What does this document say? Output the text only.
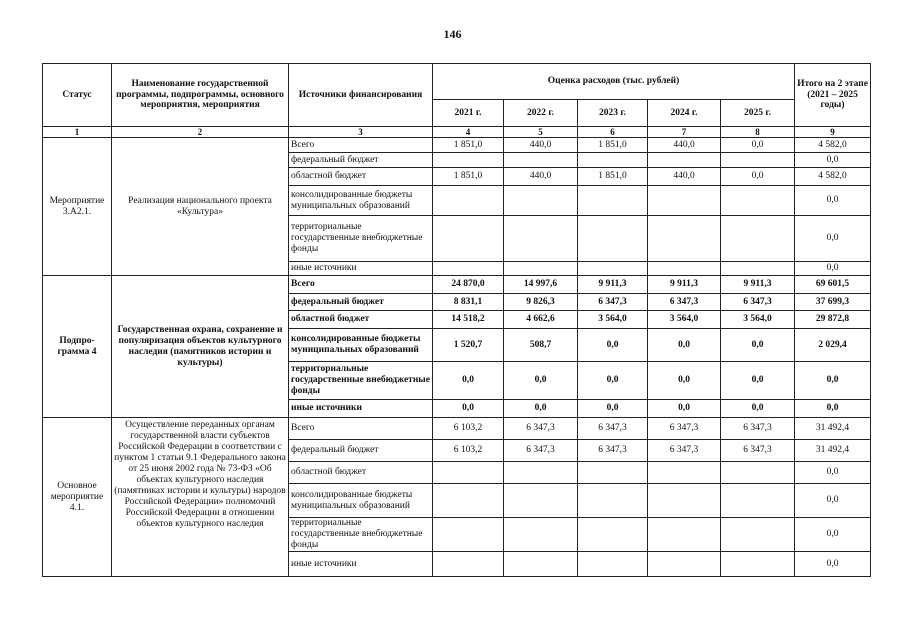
146
Статус	Наименование государственной программы, подпрограммы, основного мероприятия, мероприятия	Источники финансирования	Оценка расходов (тыс. рублей)					Итого на 2 этапе (2021 – 2025 годы)
			2021 г.	2022 г.	2023 г.	2024 г.	2025 г.	
1	2	3	4	5	6	7	8	9
Мероприятие 3.А2.1.	Реализация национального проекта «Культура»	Всего	1 851,0	440,0	1 851,0	440,0	0,0	4 582,0
		федеральный бюджет						0,0
		областной бюджет	1 851,0	440,0	1 851,0	440,0	0,0	4 582,0
		консолидированные бюджеты муниципальных образований						0,0
		территориальные государственные внебюджетные фонды						0,0
		иные источники						0,0
Подпро-грамма 4	Государственная охрана, сохранение и популяризация объектов культурного наследия (памятников истории и культуры)	Всего	24 870,0	14 997,6	9 911,3	9 911,3	9 911,3	69 601,5
		федеральный бюджет	8 831,1	9 826,3	6 347,3	6 347,3	6 347,3	37 699,3
		областной бюджет	14 518,2	4 662,6	3 564,0	3 564,0	3 564,0	29 872,8
		консолидированные бюджеты муниципальных образований	1 520,7	508,7	0,0	0,0	0,0	2 029,4
		территориальные государственные внебюджетные фонды	0,0	0,0	0,0	0,0	0,0	0,0
		иные источники	0,0	0,0	0,0	0,0	0,0	0,0
Основное мероприятие 4.1.	Осуществление переданных органам государственной власти субъектов Российской Федерации в соответствии с пунктом 1 статьи 9.1 Федерального закона от 25 июня 2002 года № 73-ФЗ «Об объектах культурного наследия (памятниках истории и культуры) народов Российской Федерации» полномочий Российской Федерации в отношении объектов культурного наследия	Всего	6 103,2	6 347,3	6 347,3	6 347,3	6 347,3	31 492,4
		федеральный бюджет	6 103,2	6 347,3	6 347,3	6 347,3	6 347,3	31 492,4
		областной бюджет						0,0
		консолидированные бюджеты муниципальных образований						0,0
		территориальные государственные внебюджетные фонды						0,0
		иные источники						0,0
